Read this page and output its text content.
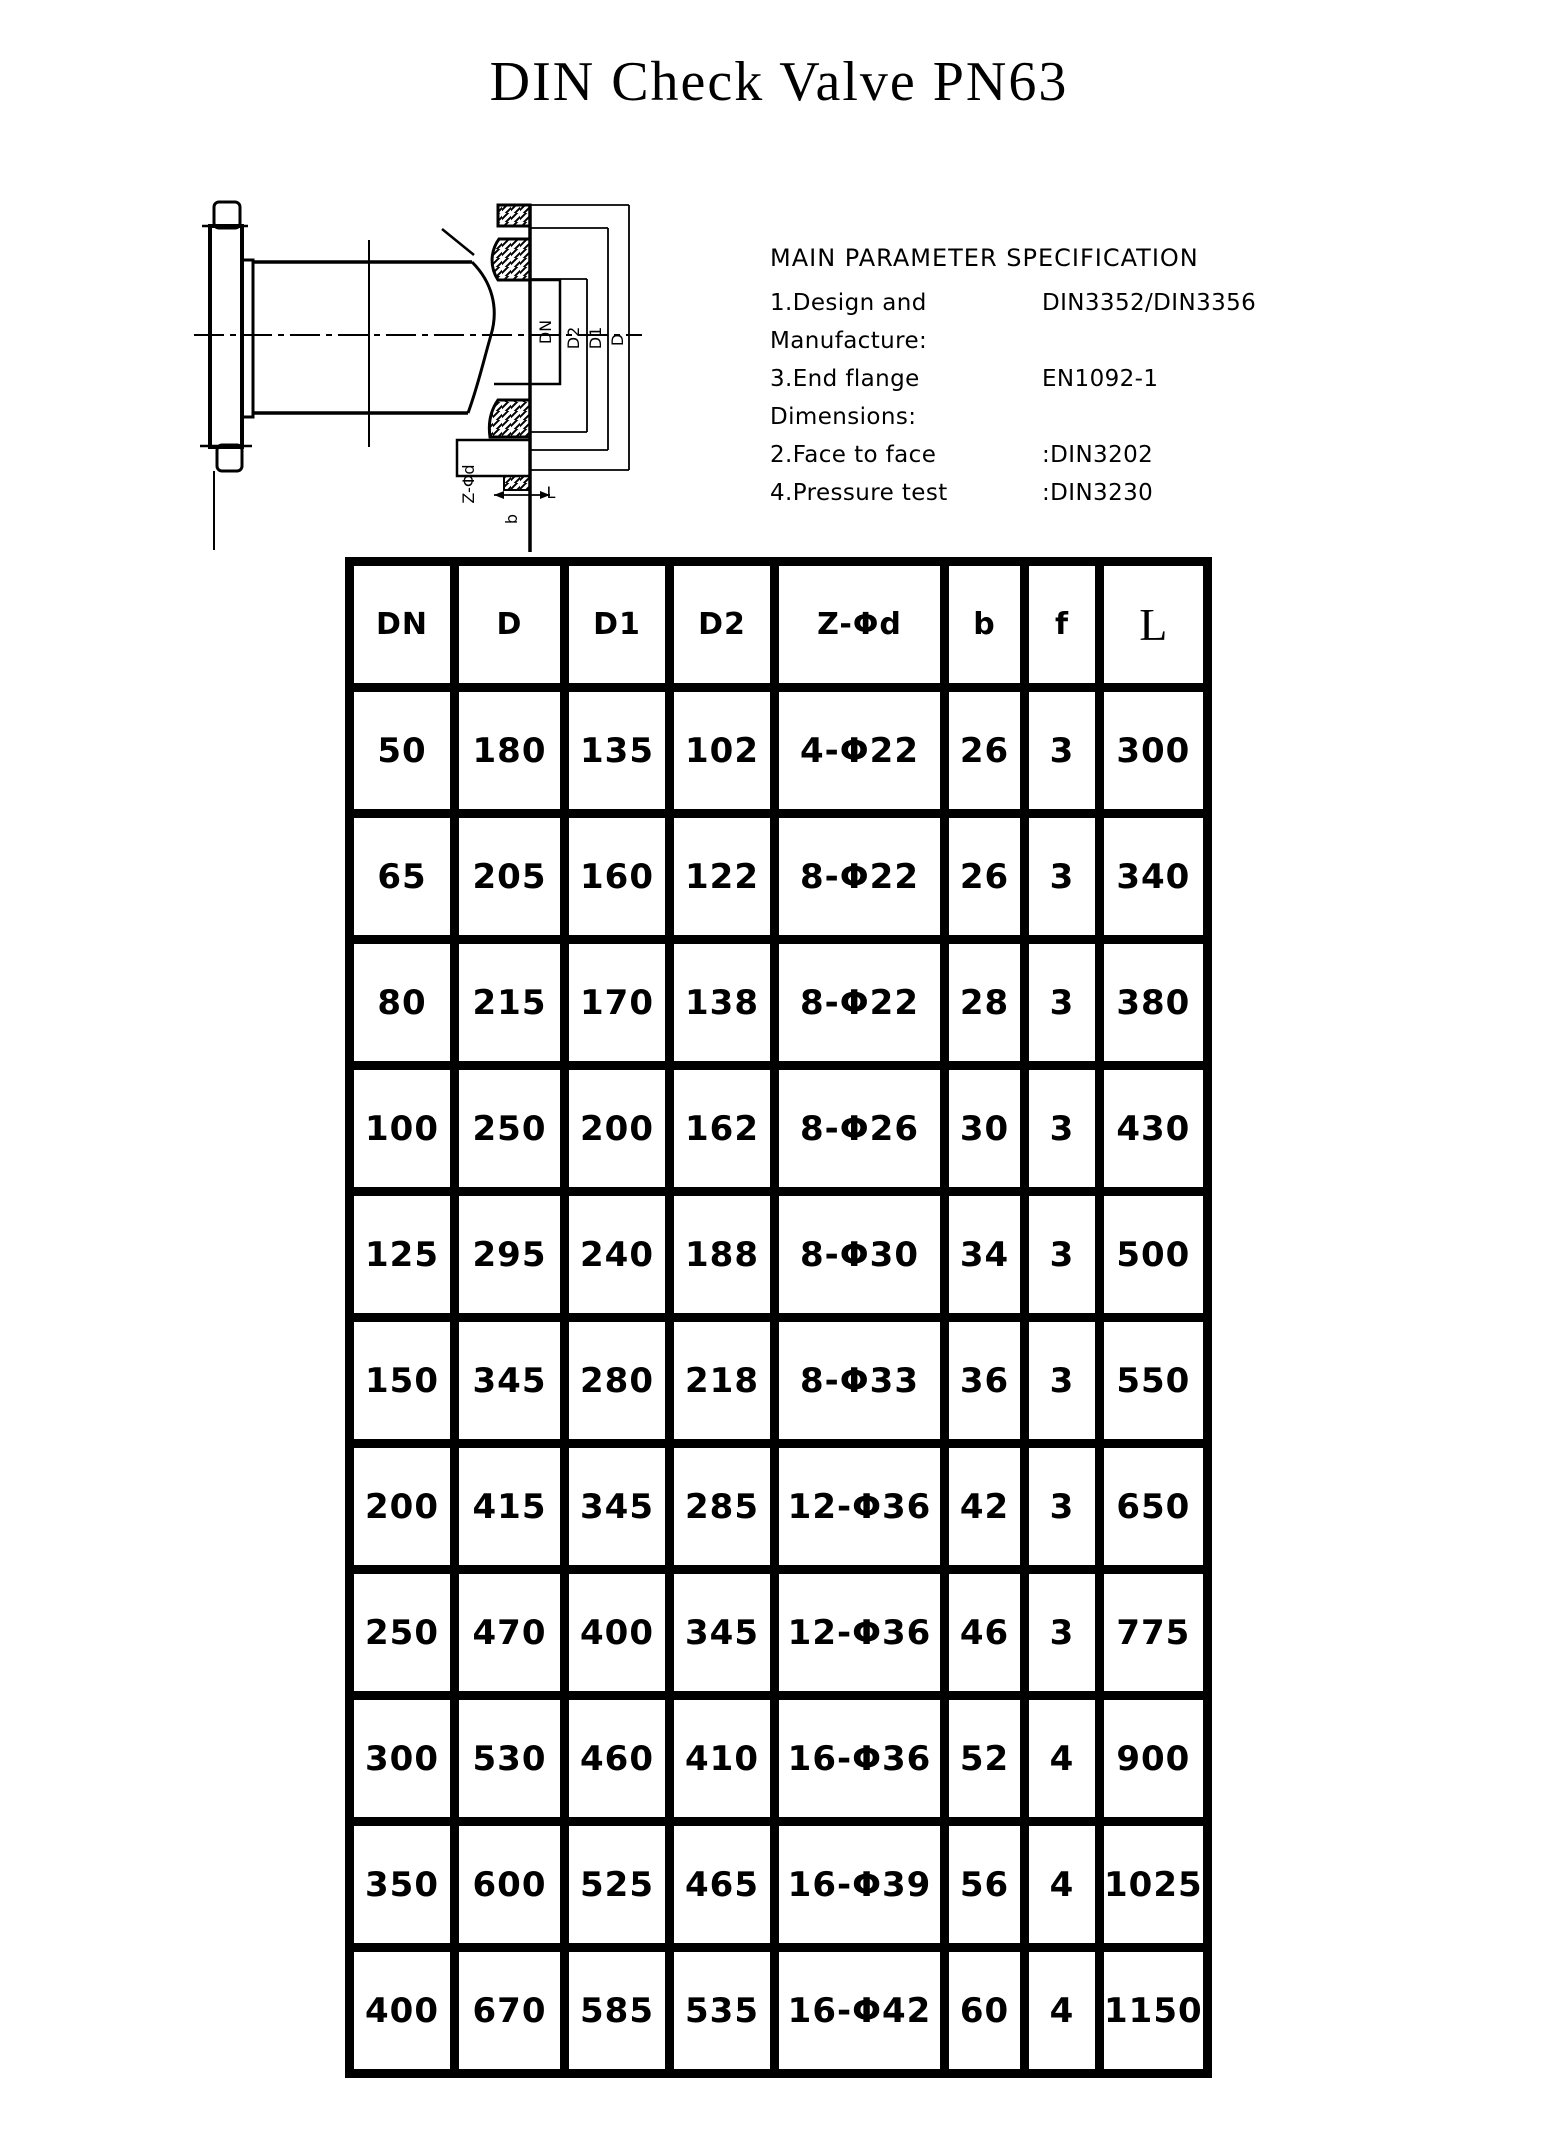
DIN Check Valve PN63
DN D2 D1 D
Z-Φd
b
L

MAIN PARAMETER SPECIFICATION

1.Design and Manufacture:
DIN3352/DIN3356
3.End flange Dimensions:
EN1092-1
2.Face to face	:DIN3202
4.Pressure test	:DIN3230
DN	D	D1	D2	Z-Φd	b	f	L
50	180	135	102	4-Φ22	26	3	300
65	205	160	122	8-Φ22	26	3	340
80	215	170	138	8-Φ22	28	3	380
100	250	200	162	8-Φ26	30	3	430
125	295	240	188	8-Φ30	34	3	500
150	345	280	218	8-Φ33	36	3	550
200	415	345	285	12-Φ36	42	3	650
250	470	400	345	12-Φ36	46	3	775
300	530	460	410	16-Φ36	52	4	900
350	600	525	465	16-Φ39	56	4	1025
400	670	585	535	16-Φ42	60	4	1150
